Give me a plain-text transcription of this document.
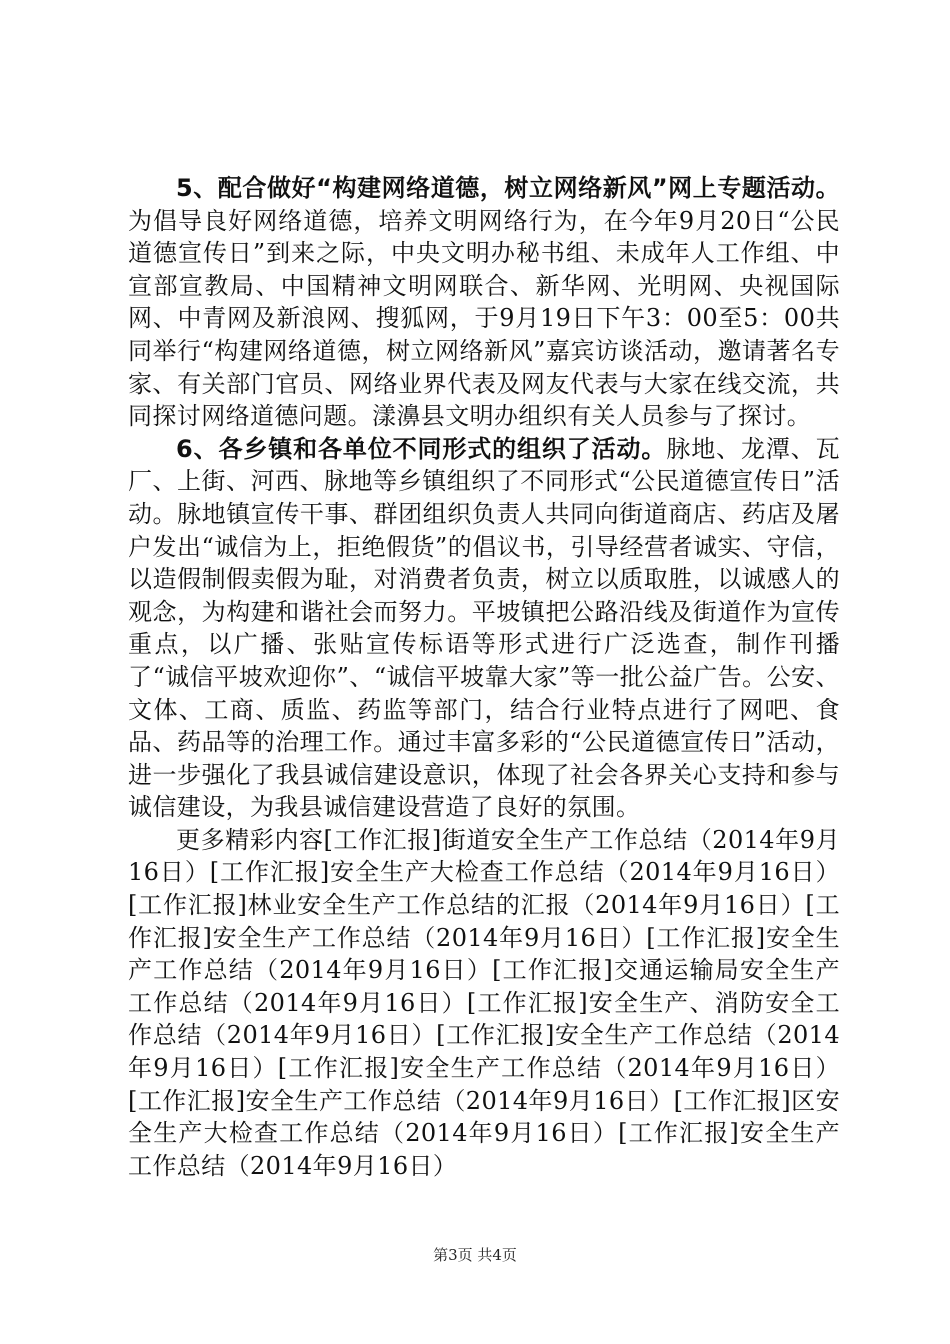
5、配合做好“构建网络道德，树立网络新风”网上专题活动。为倡导良好网络道德，培养文明网络行为，在今年9月20日“公民道德宣传日”到来之际，中央文明办秘书组、未成年人工作组、中宣部宣教局、中国精神文明网联合、新华网、光明网、央视国际网、中青网及新浪网、搜狐网，于9月19日下午3：00至5：00共同举行“构建网络道德，树立网络新风”嘉宾访谈活动，邀请著名专家、有关部门官员、网络业界代表及网友代表与大家在线交流，共同探讨网络道德问题。漾濞县文明办组织有关人员参与了探讨。

6、各乡镇和各单位不同形式的组织了活动。脉地、龙潭、瓦厂、上街、河西、脉地等乡镇组织了不同形式“公民道德宣传日”活动。脉地镇宣传干事、群团组织负责人共同向街道商店、药店及屠户发出“诚信为上，拒绝假货”的倡议书，引导经营者诚实、守信，以造假制假卖假为耻，对消费者负责，树立以质取胜，以诚感人的观念，为构建和谐社会而努力。平坡镇把公路沿线及街道作为宣传重点，以广播、张贴宣传标语等形式进行广泛选查，制作刊播了“诚信平坡欢迎你”、“诚信平坡靠大家”等一批公益广告。公安、文体、工商、质监、药监等部门，结合行业特点进行了网吧、食品、药品等的治理工作。通过丰富多彩的“公民道德宣传日”活动，进一步强化了我县诚信建设意识，体现了社会各界关心支持和参与诚信建设，为我县诚信建设营造了良好的氛围。

更多精彩内容[工作汇报]街道安全生产工作总结（2014年9月16日）[工作汇报]安全生产大检查工作总结（2014年9月16日）[工作汇报]林业安全生产工作总结的汇报（2014年9月16日）[工作汇报]安全生产工作总结（2014年9月16日）[工作汇报]安全生产工作总结（2014年9月16日）[工作汇报]交通运输局安全生产工作总结（2014年9月16日）[工作汇报]安全生产、消防安全工作总结（2014年9月16日）[工作汇报]安全生产工作总结（2014年9月16日）[工作汇报]安全生产工作总结（2014年9月16日）[工作汇报]安全生产工作总结（2014年9月16日）[工作汇报]区安全生产大检查工作总结（2014年9月16日）[工作汇报]安全生产工作总结（2014年9月16日）

第3页 共4页
